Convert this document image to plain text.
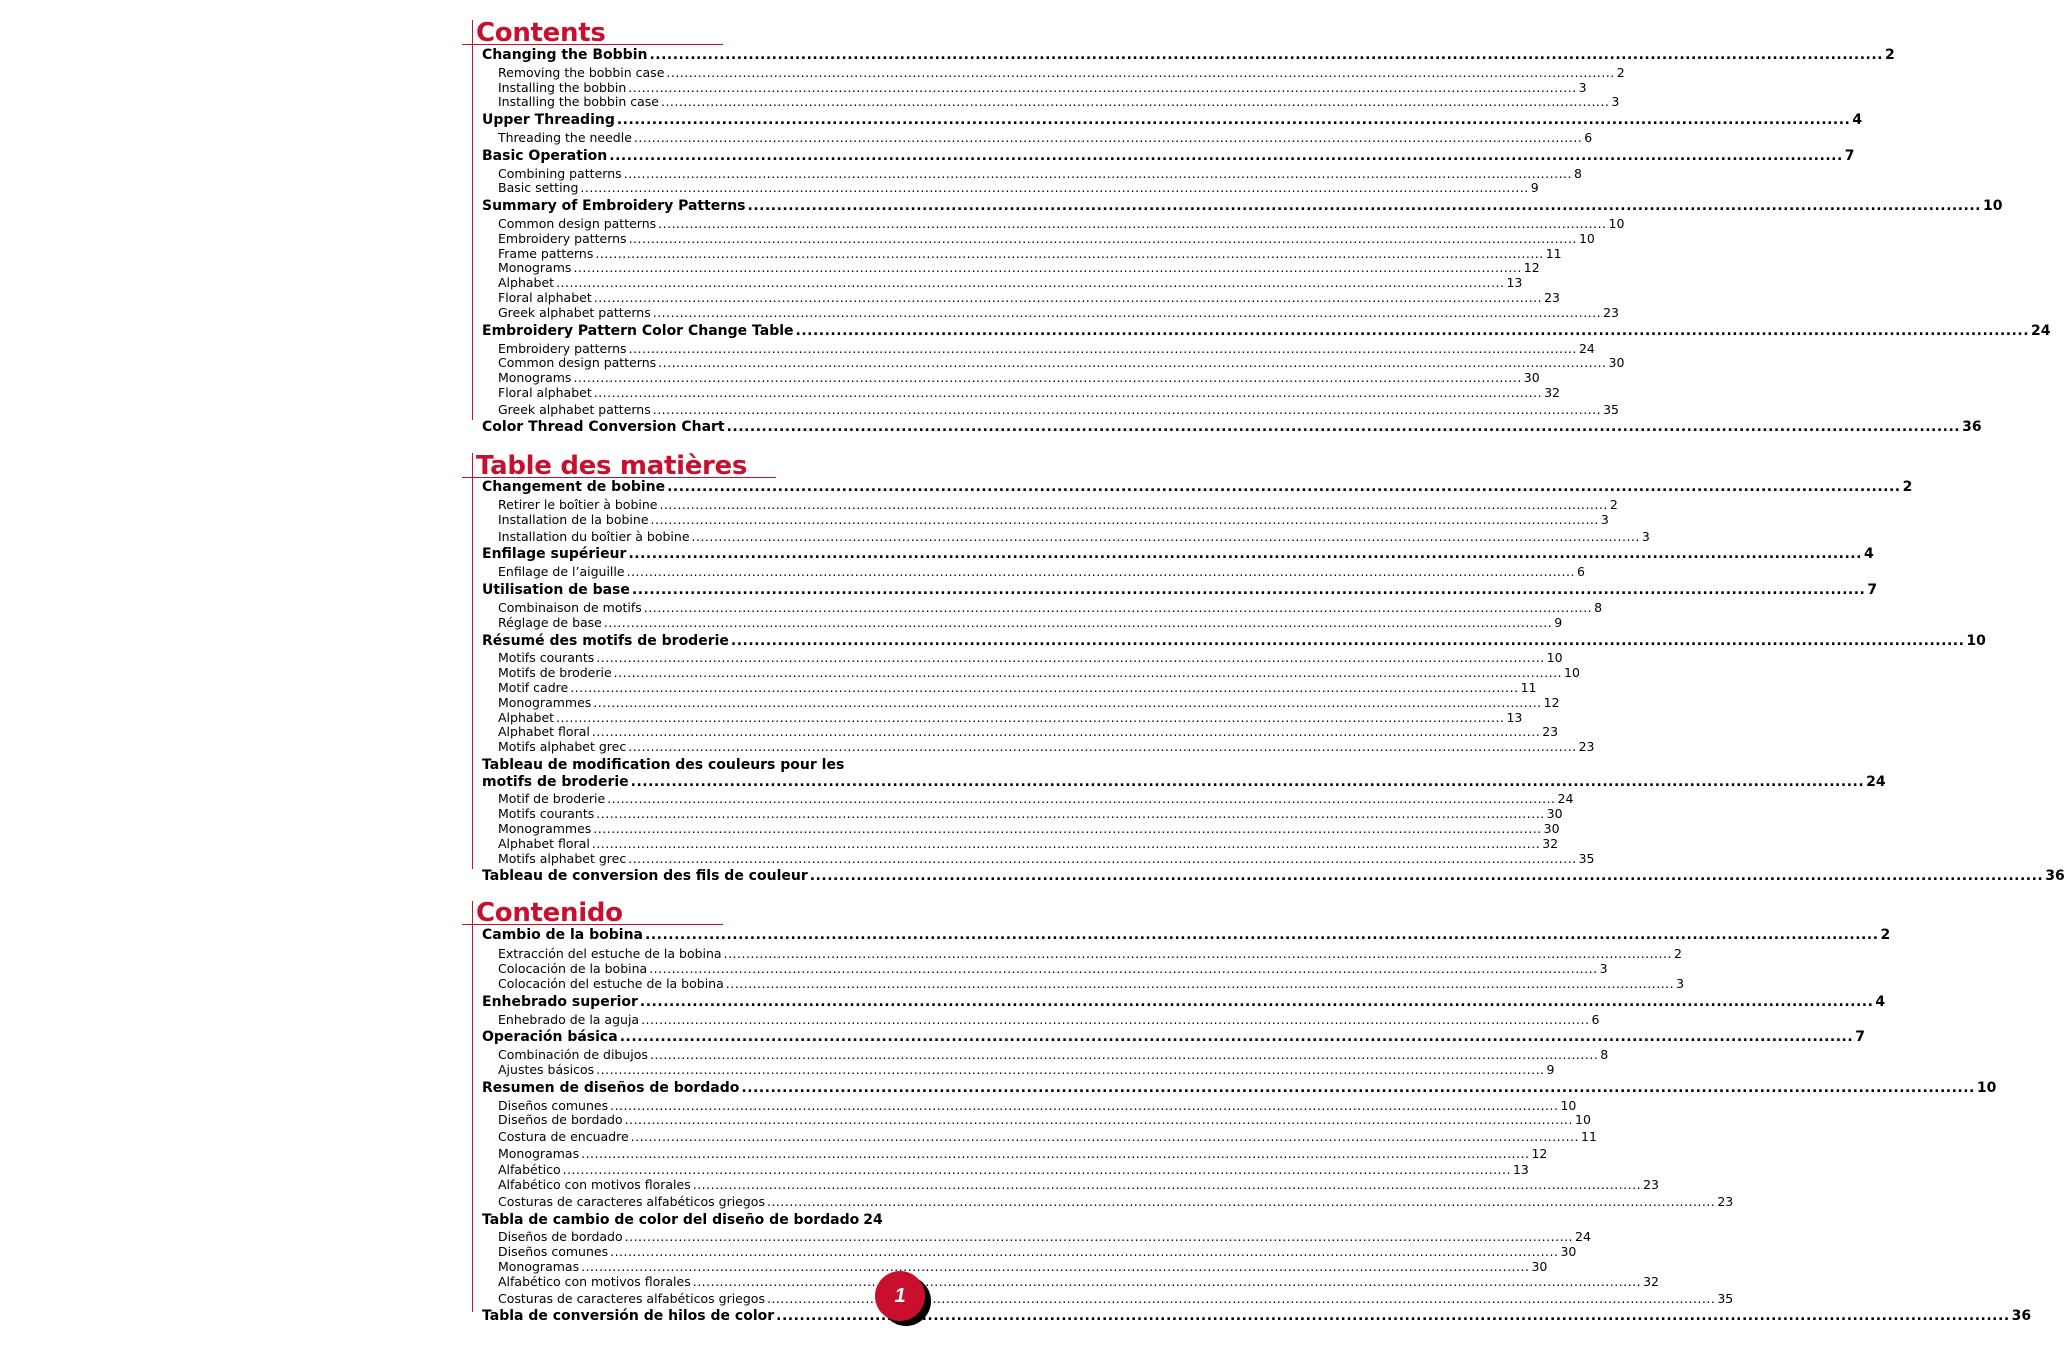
Contents
Changing the Bobbin .....	2
Removing the bobbin case .....	2
Installing the bobbin .....	3
Installing the bobbin case .....	3
Upper Threading .....	4
Threading the needle .....	6
Basic Operation .....	7
Combining patterns .....	8
Basic setting .....	9
Summary of Embroidery Patterns .....	10
Common design patterns .....	10
Embroidery patterns .....	10
Frame patterns .....	11
Monograms .....	12
Alphabet .....	13
Floral alphabet .....	23
Greek alphabet patterns .....	23
Embroidery Pattern Color Change Table .....	24
Embroidery patterns .....	24
Common design patterns .....	30
Monograms .....	30
Floral alphabet .....	32
Greek alphabet patterns .....	35
Color Thread Conversion Chart .....	36
Table des matières
Changement de bobine .....	2
Retirer le boîtier à bobine .....	2
Installation de la bobine .....	3
Installation du boîtier à bobine .....	3
Enfilage supérieur .....	4
Enfilage de l’aiguille .....	6
Utilisation de base .....	7
Combinaison de motifs .....	8
Réglage de base .....	9
Résumé des motifs de broderie .....	10
Motifs courants .....	10
Motifs de broderie .....	10
Motif cadre .....	11
Monogrammes .....	12
Alphabet .....	13
Alphabet floral .....	23
Motifs alphabet grec .....	23
Tableau de modification des couleurs pour les
motifs de broderie .....	24
Motif de broderie .....	24
Motifs courants .....	30
Monogrammes .....	30
Alphabet floral .....	32
Motifs alphabet grec .....	35
Tableau de conversion des fils de couleur .....	36
Contenido
Cambio de la bobina .....	2
Extracción del estuche de la bobina .....	2
Colocación de la bobina .....	3
Colocación del estuche de la bobina .....	3
Enhebrado superior .....	4
Enhebrado de la aguja .....	6
Operación básica .....	7
Combinación de dibujos .....	8
Ajustes básicos .....	9
Resumen de diseños de bordado .....	10
Diseños comunes .....	10
Diseños de bordado .....	10
Costura de encuadre .....	11
Monogramas .....	12
Alfabético .....	13
Alfabético con motivos florales .....	23
Costuras de caracteres alfabéticos griegos .....	23
Tabla de cambio de color del diseño de bordado 24
Diseños de bordado .....	24
Diseños comunes .....	30
Monogramas .....	30
Alfabético con motivos florales .....	32
Costuras de caracteres alfabéticos griegos .....	35
Tabla de conversión de hilos de color .....	36
1
